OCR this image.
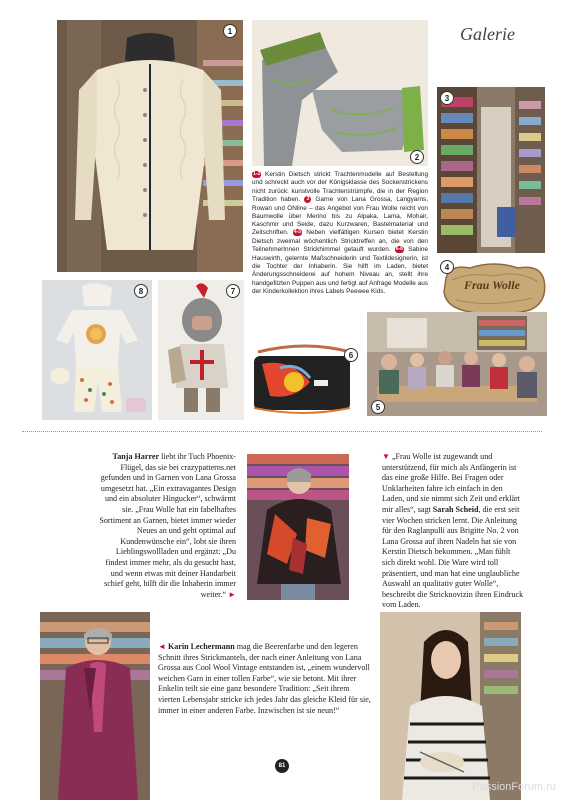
Galerie
1
2
3
Frau Wolle
4
5
6
7
8
1-2 Kerstin Dietsch strickt Trachtenmodelle auf Bestellung und schreckt auch vor der Königsklasse des Sockenstrickens nicht zurück: kunstvolle Trachtenstrümpfe, die in der Region Tradition haben. 3 Garne von Lana Grossa, Langyarns, Rowan und ONline – das Angebot von Frau Wolle reicht von Baumwolle über Merino bis zu Alpaka, Lama, Mohair, Kaschmir und Seide, dazu Kurzwaren, Bastelmaterial und Zeitschriften. 4-5 Neben vielfältigen Kursen bietet Kerstin Dietsch zweimal wöchentlich Stricktreffen an, die von den TeilnehmerInnen Strickhimmel getauft wurden. 6-8 Sabine Hauswirth, gelernte Maßschneiderin und Textildesignerin, ist die Tochter der Inhaberin. Sie hilft im Laden, bietet Änderungsschneiderei auf hohem Niveau an, stellt ihre handgefilzten Puppen aus und fertigt auf Anfrage Modelle aus der Kinderkollektion ihres Labels Peewee Kids.
Tanja Harrer liebt ihr Tuch Phoenix-Flügel, das sie bei crazypatterns.net gefunden und in Garnen von Lana Grossa umgesetzt hat. „Ein extravagantes Design und ein absoluter Hingucker“, schwärmt sie. „Frau Wolle hat ein fabelhaftes Sortiment an Garnen, bietet immer wieder Neues an und geht optimal auf Kundenwünsche ein“, lobt sie ihren Lieblingswollladen und ergänzt: „Du findest immer mehr, als du gesucht hast, und wenn etwas mit deiner Handarbeit schief geht, hilft dir die Inhaberin immer weiter.“ ►
▼ „Frau Wolle ist zugewandt und unterstützend, für mich als Anfängerin ist das eine große Hilfe. Bei Fragen oder Unklarheiten fahre ich einfach in den Laden, und sie nimmt sich Zeit und erklärt mir alles“, sagt Sarah Scheid, die erst seit vier Wochen stricken lernt. Die Anleitung für den Raglanpulli aus Brigitte No. 2 von Lana Grossa auf ihren Nadeln hat sie von Kerstin Dietsch bekommen. „Man fühlt sich direkt wohl. Die Ware wird toll präsentiert, und man hat eine unglaubliche Auswahl an qualitativ guter Wolle“, beschreibt die Stricknovizin ihren Eindruck vom Laden.
◄ Karin Lechermann mag die Beerenfarbe und den legeren Schnitt ihres Strickmantels, der nach einer Anleitung von Lana Grossa aus Cool Wool Vintage entstanden ist, „einem wundervoll weichen Garn in einer tollen Farbe“, wie sie betont. Mit ihrer Enkelin teilt sie eine ganz besondere Tradition: „Seit ihrem vierten Lebensjahr stricke ich jedes Jahr das gleiche Kleid für sie, immer in einer anderen Farbe. Inzwischen ist sie neun!“
81
PassionForum.ru
